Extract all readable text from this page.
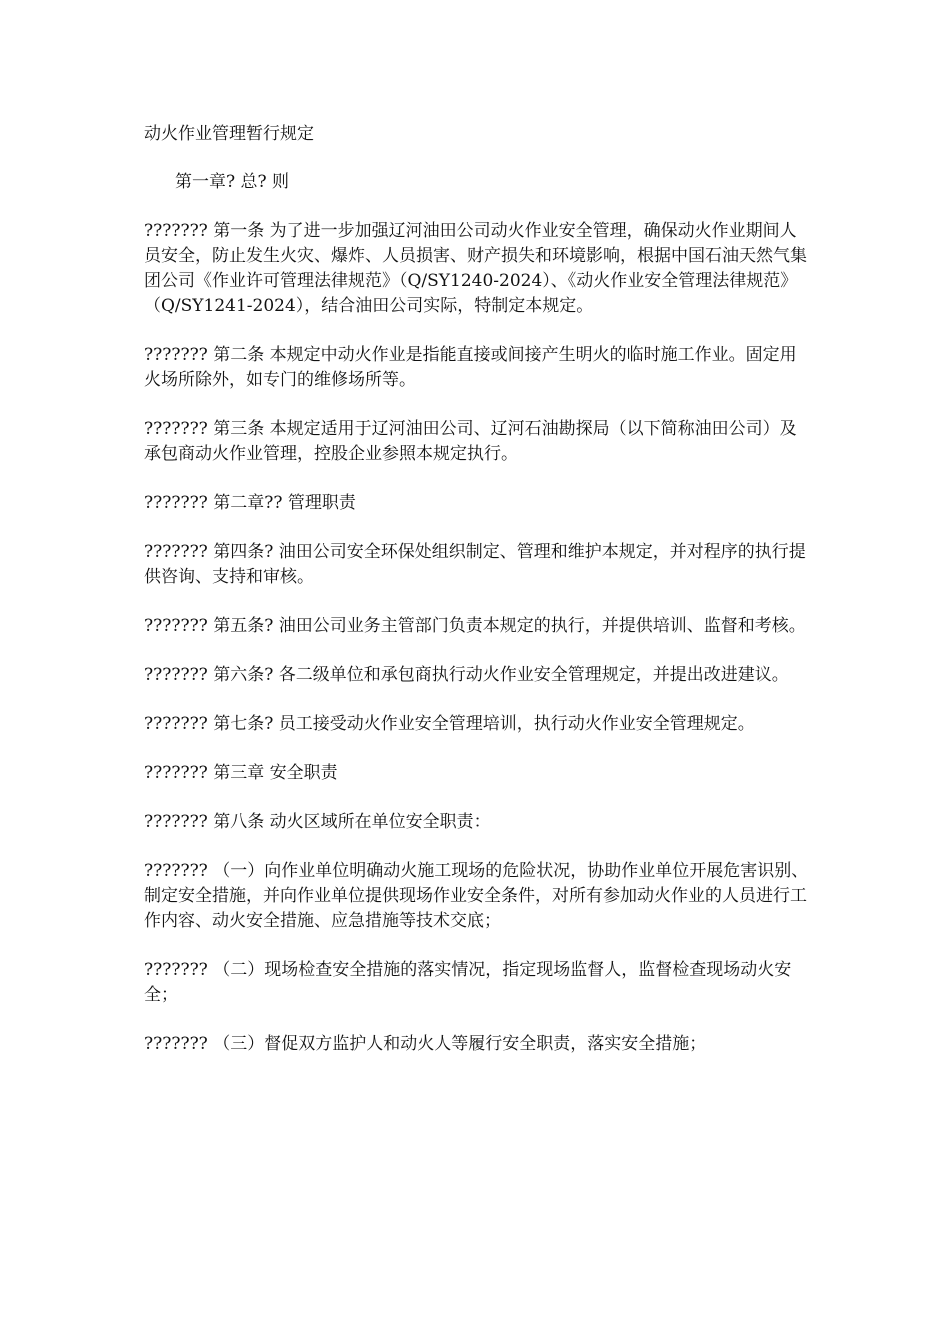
动火作业管理暂行规定

第一章? 总? 则

??????? 第一条 为了进一步加强辽河油田公司动火作业安全管理，确保动火作业期间人员安全，防止发生火灾、爆炸、人员损害、财产损失和环境影响，根据中国石油天然气集团公司《作业许可管理法律规范》（Q/SY1240-2024）、《动火作业安全管理法律规范》（Q/SY1241-2024），结合油田公司实际，特制定本规定。

??????? 第二条 本规定中动火作业是指能直接或间接产生明火的临时施工作业。固定用火场所除外，如专门的维修场所等。

??????? 第三条 本规定适用于辽河油田公司、辽河石油勘探局（以下简称油田公司）及承包商动火作业管理，控股企业参照本规定执行。

??????? 第二章?? 管理职责

??????? 第四条? 油田公司安全环保处组织制定、管理和维护本规定，并对程序的执行提供咨询、支持和审核。

??????? 第五条? 油田公司业务主管部门负责本规定的执行，并提供培训、监督和考核。

??????? 第六条? 各二级单位和承包商执行动火作业安全管理规定，并提出改进建议。

??????? 第七条? 员工接受动火作业安全管理培训，执行动火作业安全管理规定。

??????? 第三章 安全职责

??????? 第八条 动火区域所在单位安全职责：

??????? （一）向作业单位明确动火施工现场的危险状况，协助作业单位开展危害识别、制定安全措施，并向作业单位提供现场作业安全条件，对所有参加动火作业的人员进行工作内容、动火安全措施、应急措施等技术交底；

??????? （二）现场检查安全措施的落实情况，指定现场监督人，监督检查现场动火安全；

??????? （三）督促双方监护人和动火人等履行安全职责，落实安全措施；
